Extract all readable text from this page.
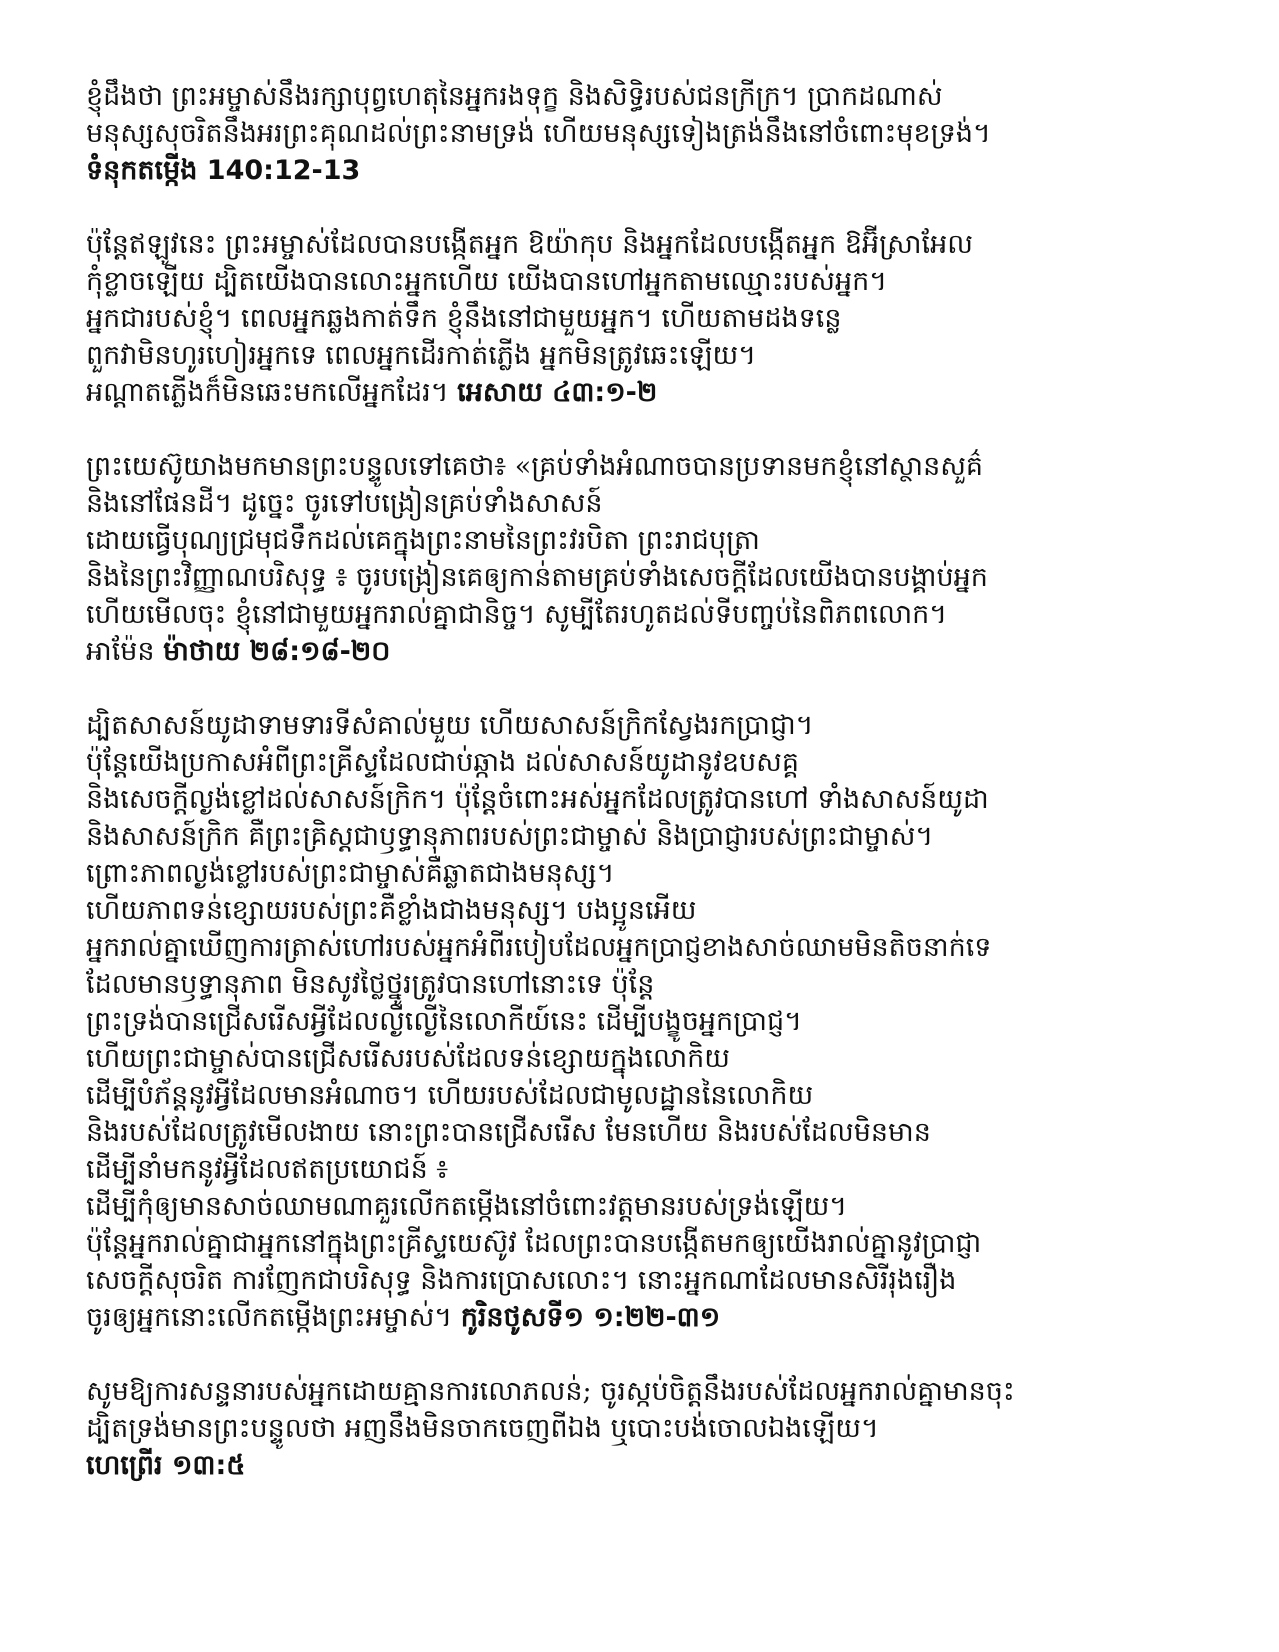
ខ្ញុំដឹងថា ព្រះអម្ចាស់នឹងរក្សាបុព្វហេតុនៃអ្នករងទុក្ខ និងសិទ្ធិរបស់ជនក្រីក្រ។ ប្រាកដណាស់
មនុស្សសុចរិតនឹងអរព្រះគុណដល់ព្រះនាមទ្រង់ ហើយមនុស្សទៀងត្រង់នឹងនៅចំពោះមុខទ្រង់។
ទំនុកតម្កើង 140:12-13
ប៉ុន្តែឥឡូវនេះ ព្រះអម្ចាស់ដែលបានបង្កើតអ្នក ឱយ៉ាកុប និងអ្នកដែលបង្កើតអ្នក ឱអ៊ីស្រាអែល
កុំខ្លាចឡើយ ដ្បិតយើងបានលោះអ្នកហើយ យើងបានហៅអ្នកតាមឈ្មោះរបស់អ្នក។
អ្នកជារបស់ខ្ញុំ។ ពេលអ្នកឆ្លងកាត់ទឹក ខ្ញុំនឹងនៅជាមួយអ្នក។ ហើយតាមដងទន្លេ
ពួកវាមិនហូរហៀរអ្នកទេ ពេលអ្នកដើរកាត់ភ្លើង អ្នកមិនត្រូវឆេះឡើយ។
អណ្តាតភ្លើងក៏មិនឆេះមកលើអ្នកដែរ។ អេសាយ ៤៣:១-២
ព្រះយេស៊ូយាងមកមានព្រះបន្ទូលទៅគេថា៖ «គ្រប់ទាំងអំណាចបានប្រទានមកខ្ញុំនៅស្ថានសួគ៌
និងនៅផែនដី។ ដូច្នេះ ចូរទៅបង្រៀនគ្រប់ទាំងសាសន៍
ដោយធ្វើបុណ្យជ្រមុជទឹកដល់គេក្នុងព្រះនាមនៃព្រះវរបិតា ព្រះរាជបុត្រា
និងនៃព្រះវិញ្ញាណបរិសុទ្ធ ៖ ចូរបង្រៀនគេឲ្យកាន់តាមគ្រប់ទាំងសេចក្ដីដែលយើងបានបង្គាប់អ្នក
ហើយមើលចុះ ខ្ញុំនៅជាមួយអ្នករាល់គ្នាជានិច្ច។ សូម្បីតែរហូតដល់ទីបញ្ចប់នៃពិភពលោក។
អាម៉ែន ម៉ាថាយ ២៨:១៨-២០
ដ្បិតសាសន៍យូដាទាមទារទីសំគាល់មួយ ហើយសាសន៍ក្រិកស្វែងរកប្រាជ្ញា។
ប៉ុន្តែយើងប្រកាសអំពីព្រះគ្រីស្ទដែលជាប់ឆ្កាង ដល់សាសន៍យូដានូវឧបសគ្គ
និងសេចក្តីល្ងង់ខ្លៅដល់សាសន៍ក្រិក។ ប៉ុន្តែចំពោះអស់អ្នកដែលត្រូវបានហៅ ទាំងសាសន៍យូដា
និងសាសន៍ក្រិក គឺព្រះគ្រិស្តជាឫទ្ធានុភាពរបស់ព្រះជាម្ចាស់ និងប្រាជ្ញារបស់ព្រះជាម្ចាស់។
ព្រោះភាពល្ងង់ខ្លៅរបស់ព្រះជាម្ចាស់គឺឆ្លាតជាងមនុស្ស។
ហើយភាពទន់ខ្សោយរបស់ព្រះគឺខ្លាំងជាងមនុស្ស។ បងប្អូនអើយ
អ្នករាល់គ្នាឃើញការត្រាស់ហៅរបស់អ្នកអំពីរបៀបដែលអ្នកប្រាជ្ញខាងសាច់ឈាមមិនតិចនាក់ទេ
ដែលមានឫទ្ធានុភាព មិនសូវថ្លៃថ្នូរត្រូវបានហៅនោះទេ ប៉ុន្តែ
ព្រះទ្រង់បានជ្រើសរើសអ្វីដែលល្ងីល្ងើនៃលោកីយ៍នេះ ដើម្បីបង្ខូចអ្នកប្រាជ្ញ។
ហើយព្រះជាម្ចាស់បានជ្រើសរើសរបស់ដែលទន់ខ្សោយក្នុងលោកិយ
ដើម្បីបំភ័ន្តនូវអ្វីដែលមានអំណាច។ ហើយរបស់ដែលជាមូលដ្ឋាននៃលោកិយ
និងរបស់ដែលត្រូវមើលងាយ នោះព្រះបានជ្រើសរើស មែនហើយ និងរបស់ដែលមិនមាន
ដើម្បីនាំមកនូវអ្វីដែលឥតប្រយោជន៍ ៖
ដើម្បីកុំឲ្យមានសាច់ឈាមណាគួរលើកតម្កើងនៅចំពោះវត្តមានរបស់ទ្រង់ឡើយ។
ប៉ុន្តែអ្នករាល់គ្នាជាអ្នកនៅក្នុងព្រះគ្រីស្ទយេស៊ូវ ដែលព្រះបានបង្កើតមកឲ្យយើងរាល់គ្នានូវប្រាជ្ញា
សេចក្តីសុចរិត ការញែកជាបរិសុទ្ធ និងការប្រោសលោះ។ នោះអ្នកណាដែលមានសិរីរុងរឿង
ចូរឲ្យអ្នកនោះលើកតម្កើងព្រះអម្ចាស់។ កូរិនថូសទី១ ១:២២-៣១
សូមឱ្យការសន្ទនារបស់អ្នកដោយគ្មានការលោភលន់; ចូរស្កប់ចិត្តនឹងរបស់ដែលអ្នករាល់គ្នាមានចុះ
ដ្បិតទ្រង់មានព្រះបន្ទូលថា អញនឹងមិនចាកចេញពីឯង ឬបោះបង់ចោលឯងឡើយ។
ហេព្រើរ ១៣:៥
